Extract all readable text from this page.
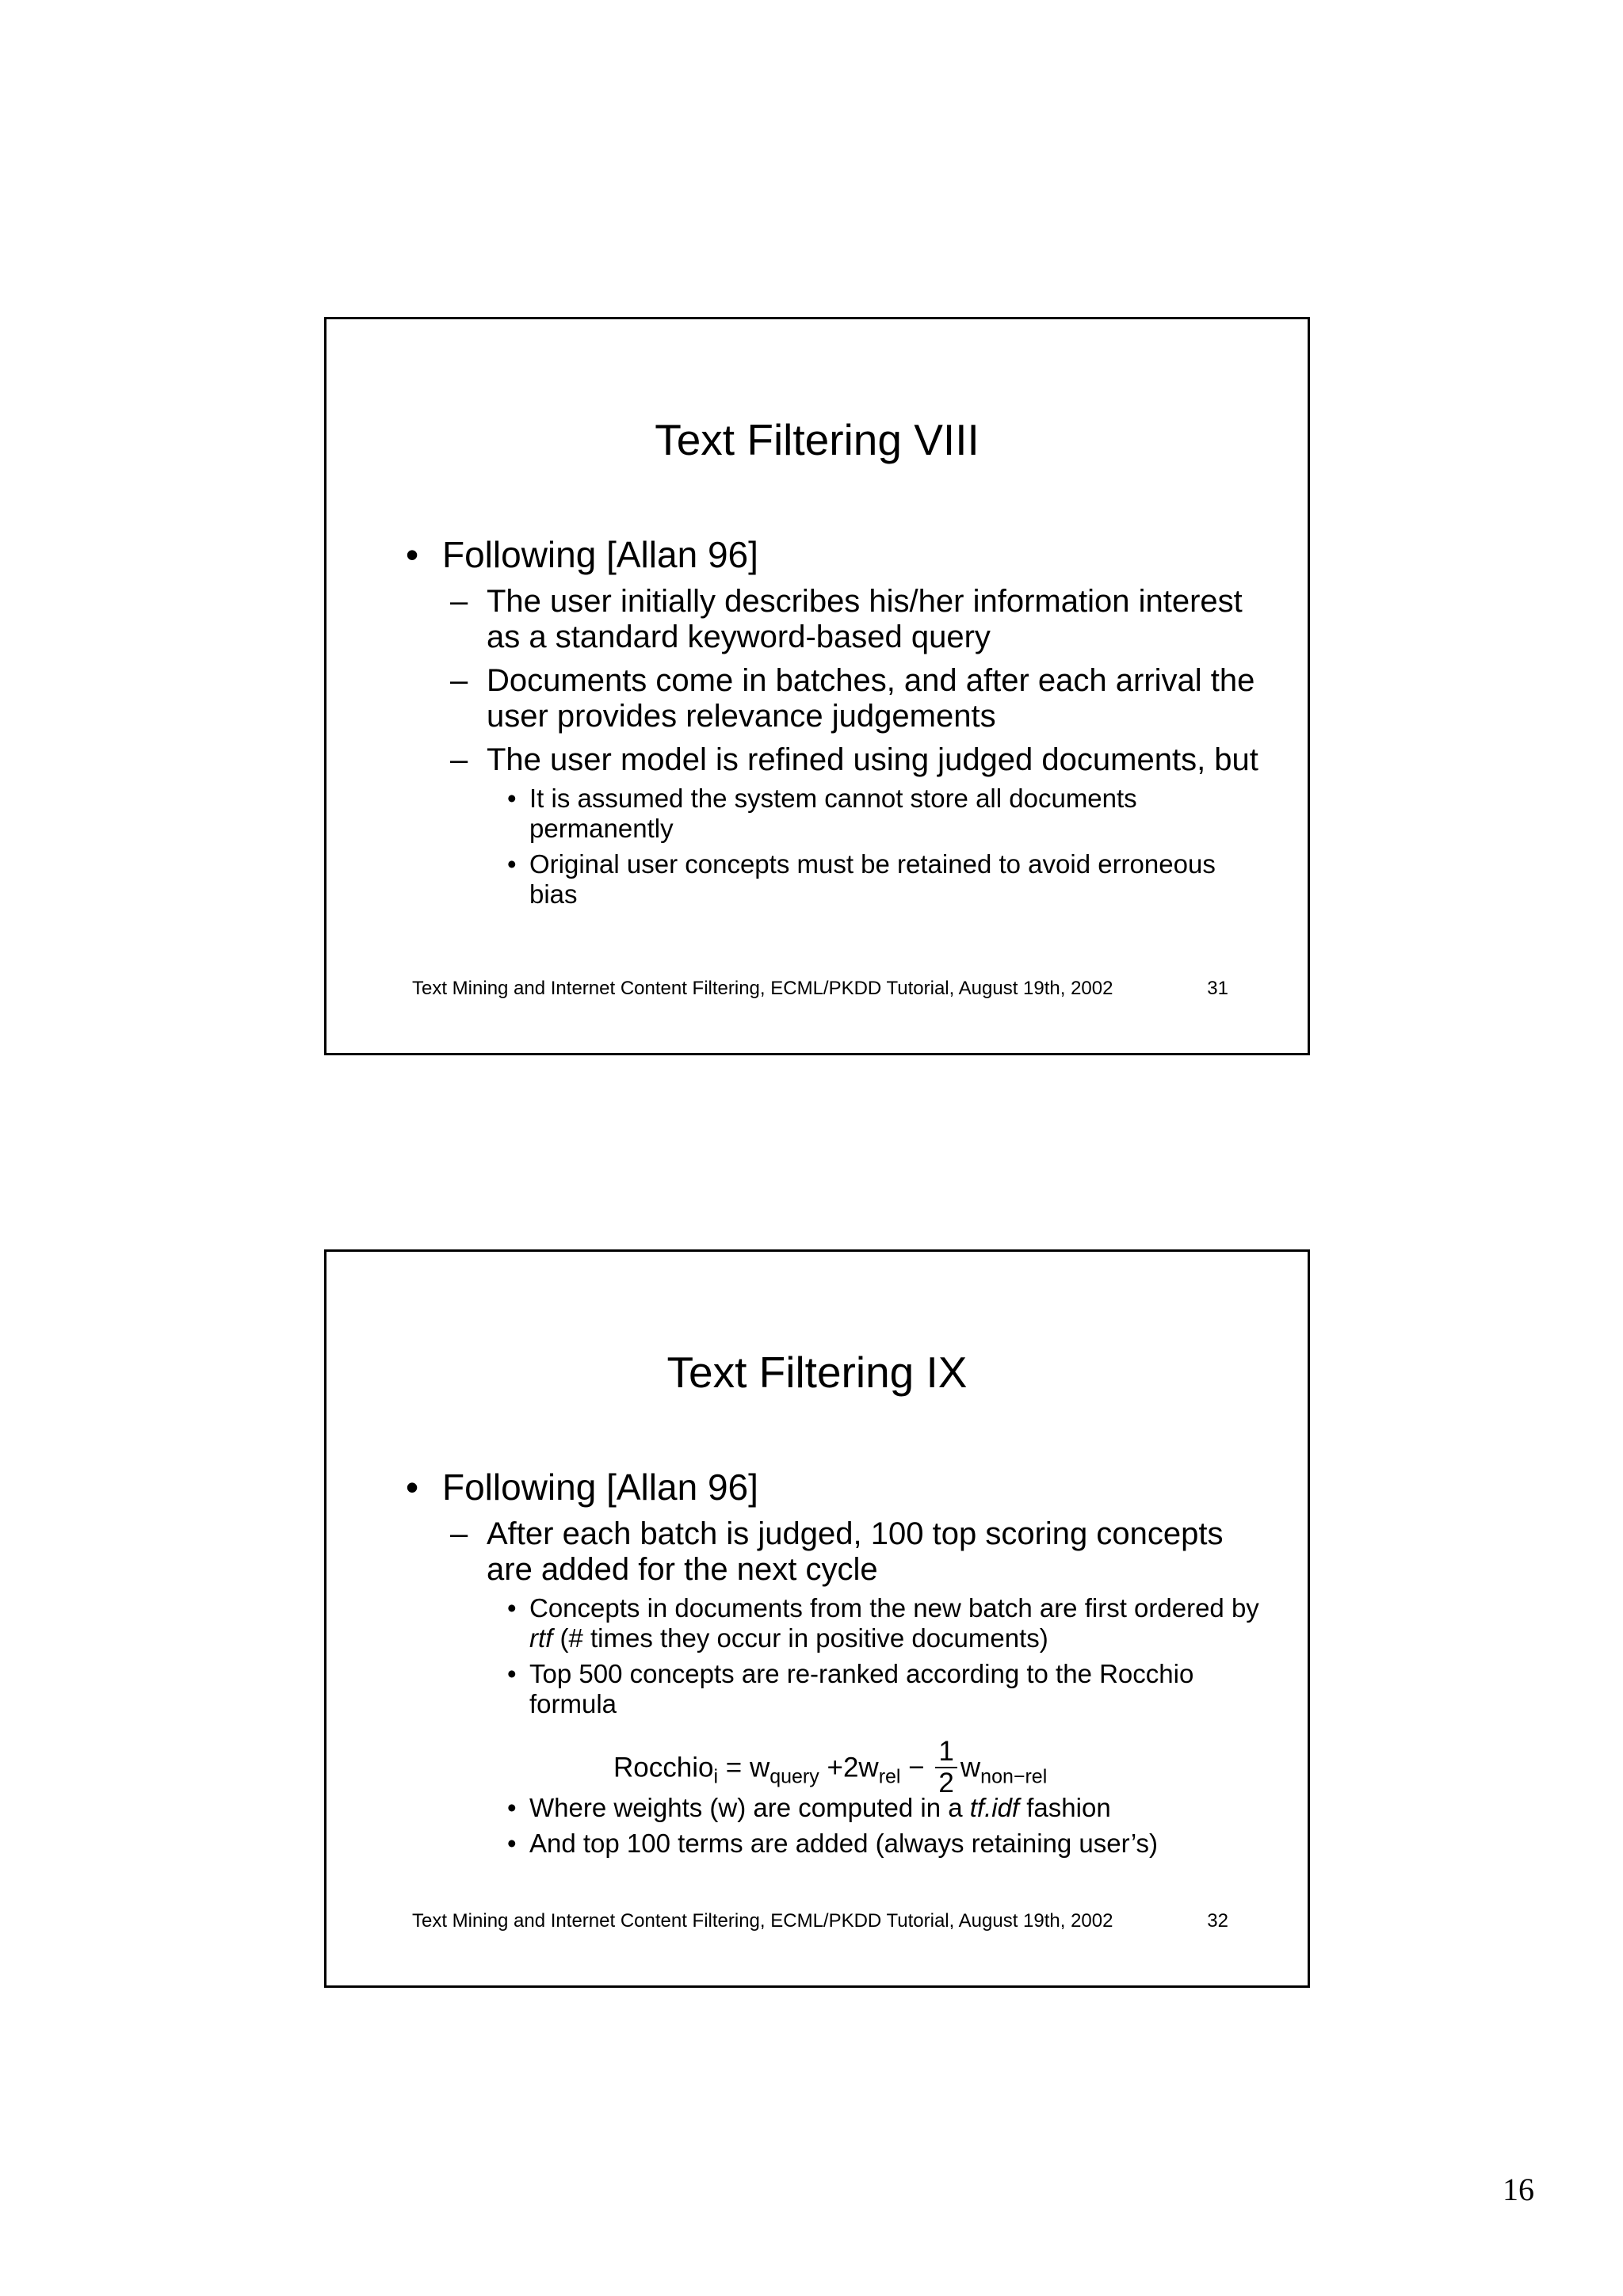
Text Filtering VIII
• Following [Allan 96]
– The user initially describes his/her information interest as a standard keyword-based query
– Documents come in batches, and after each arrival the user provides relevance judgements
– The user model is refined using judged documents, but
• It is assumed the system cannot store all documents permanently
• Original user concepts must be retained to avoid erroneous bias
Text Mining and Internet Content Filtering, ECML/PKDD Tutorial, August 19th, 2002	31
Text Filtering IX
• Following [Allan 96]
– After each batch is judged, 100 top scoring concepts are added for the next cycle
• Concepts in documents from the new batch are first ordered by rtf (# times they occur in positive documents)
• Top 500 concepts are re-ranked according to the Rocchio formula
Rocchio$_i$ = $w_{query} +2w_{rel} - \frac{1}{2} w_{non-rel}$
• Where weights (w) are computed in a tf.idf fashion
• And top 100 terms are added (always retaining user’s)
Text Mining and Internet Content Filtering, ECML/PKDD Tutorial, August 19th, 2002	32
16
